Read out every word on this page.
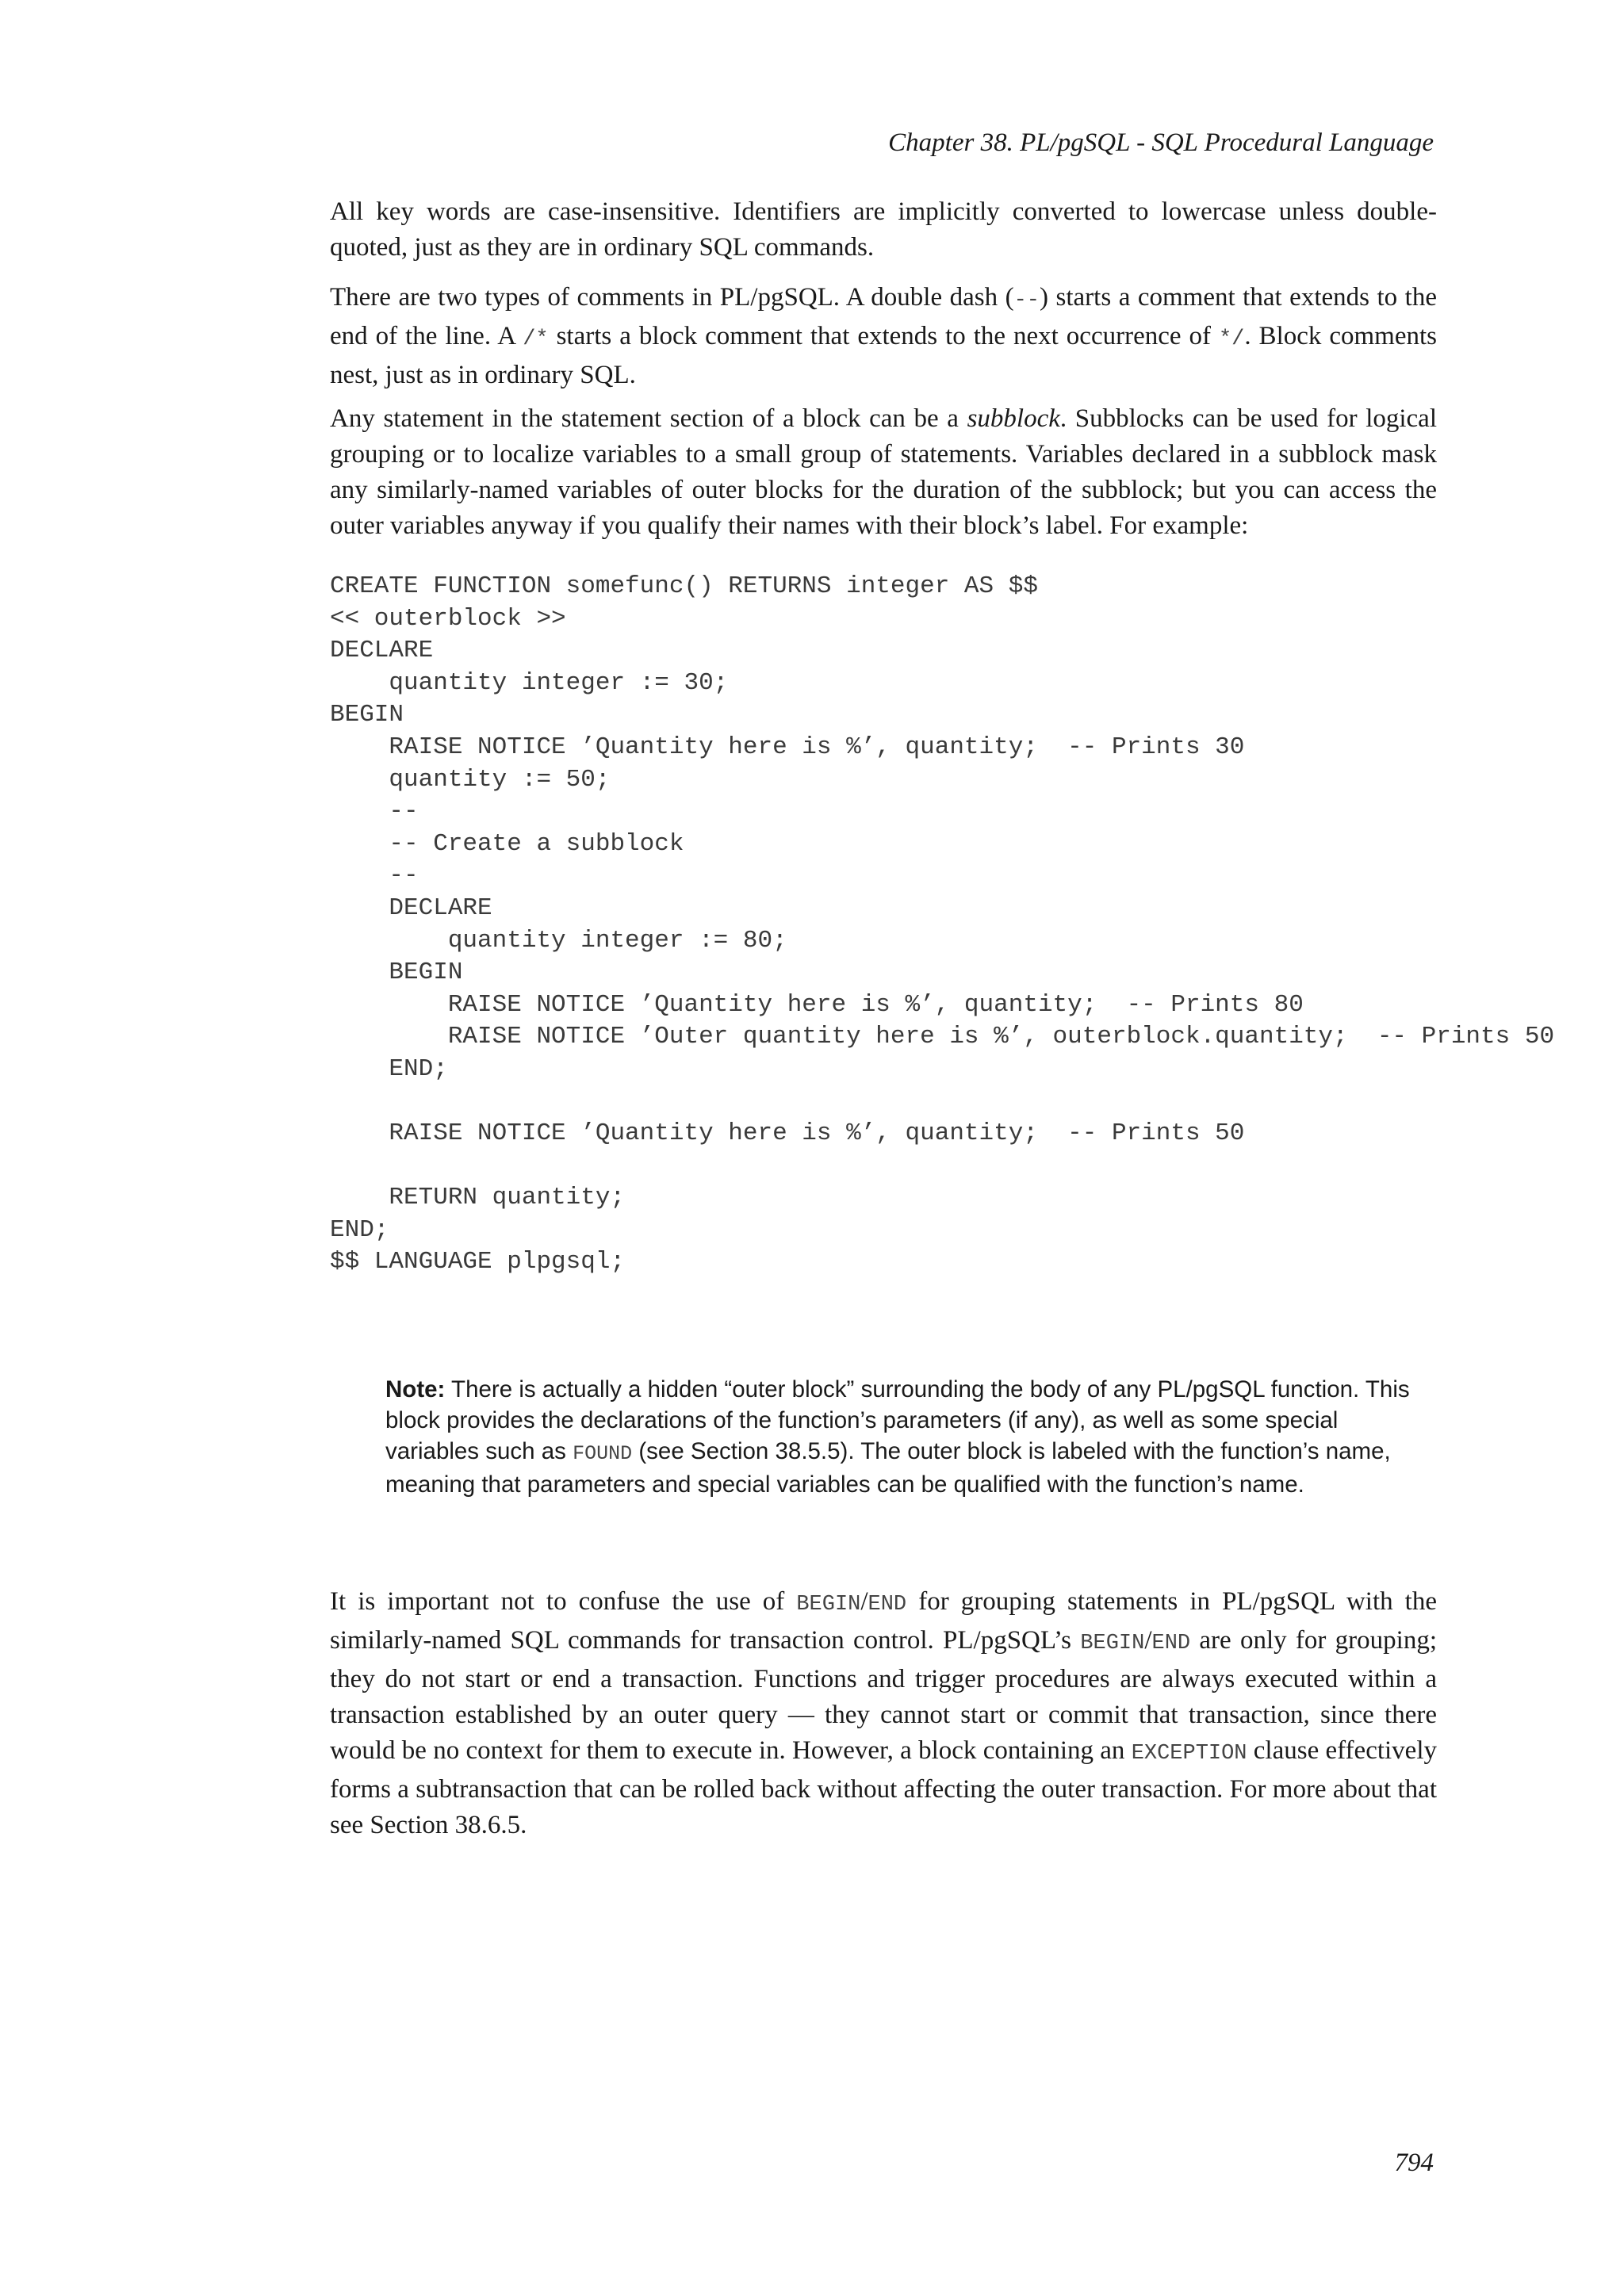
Chapter 38. PL/pgSQL - SQL Procedural Language

All key words are case-insensitive. Identifiers are implicitly converted to lowercase unless double-quoted, just as they are in ordinary SQL commands.

There are two types of comments in PL/pgSQL. A double dash (--) starts a comment that extends to the end of the line. A /* starts a block comment that extends to the next occurrence of */. Block comments nest, just as in ordinary SQL.

Any statement in the statement section of a block can be a subblock. Subblocks can be used for logical grouping or to localize variables to a small group of statements. Variables declared in a subblock mask any similarly-named variables of outer blocks for the duration of the subblock; but you can access the outer variables anyway if you qualify their names with their block’s label. For example:

CREATE FUNCTION somefunc() RETURNS integer AS $$
<< outerblock >>
DECLARE
quantity integer := 30;
BEGIN
RAISE NOTICE ’Quantity here is %’, quantity;  -- Prints 30
quantity := 50;
--
-- Create a subblock
--
DECLARE
quantity integer := 80;
BEGIN
RAISE NOTICE ’Quantity here is %’, quantity;  -- Prints 80
RAISE NOTICE ’Outer quantity here is %’, outerblock.quantity;  -- Prints 50
END;
RAISE NOTICE ’Quantity here is %’, quantity;  -- Prints 50
RETURN quantity;
END;
$$ LANGUAGE plpgsql;

Note: There is actually a hidden “outer block” surrounding the body of any PL/pgSQL function. This block provides the declarations of the function’s parameters (if any), as well as some special variables such as FOUND (see Section 38.5.5). The outer block is labeled with the function’s name, meaning that parameters and special variables can be qualified with the function’s name.

It is important not to confuse the use of BEGIN/END for grouping statements in PL/pgSQL with the similarly-named SQL commands for transaction control. PL/pgSQL’s BEGIN/END are only for grouping; they do not start or end a transaction. Functions and trigger procedures are always executed within a transaction established by an outer query — they cannot start or commit that transaction, since there would be no context for them to execute in. However, a block containing an EXCEPTION clause effectively forms a subtransaction that can be rolled back without affecting the outer transaction. For more about that see Section 38.6.5.

794
